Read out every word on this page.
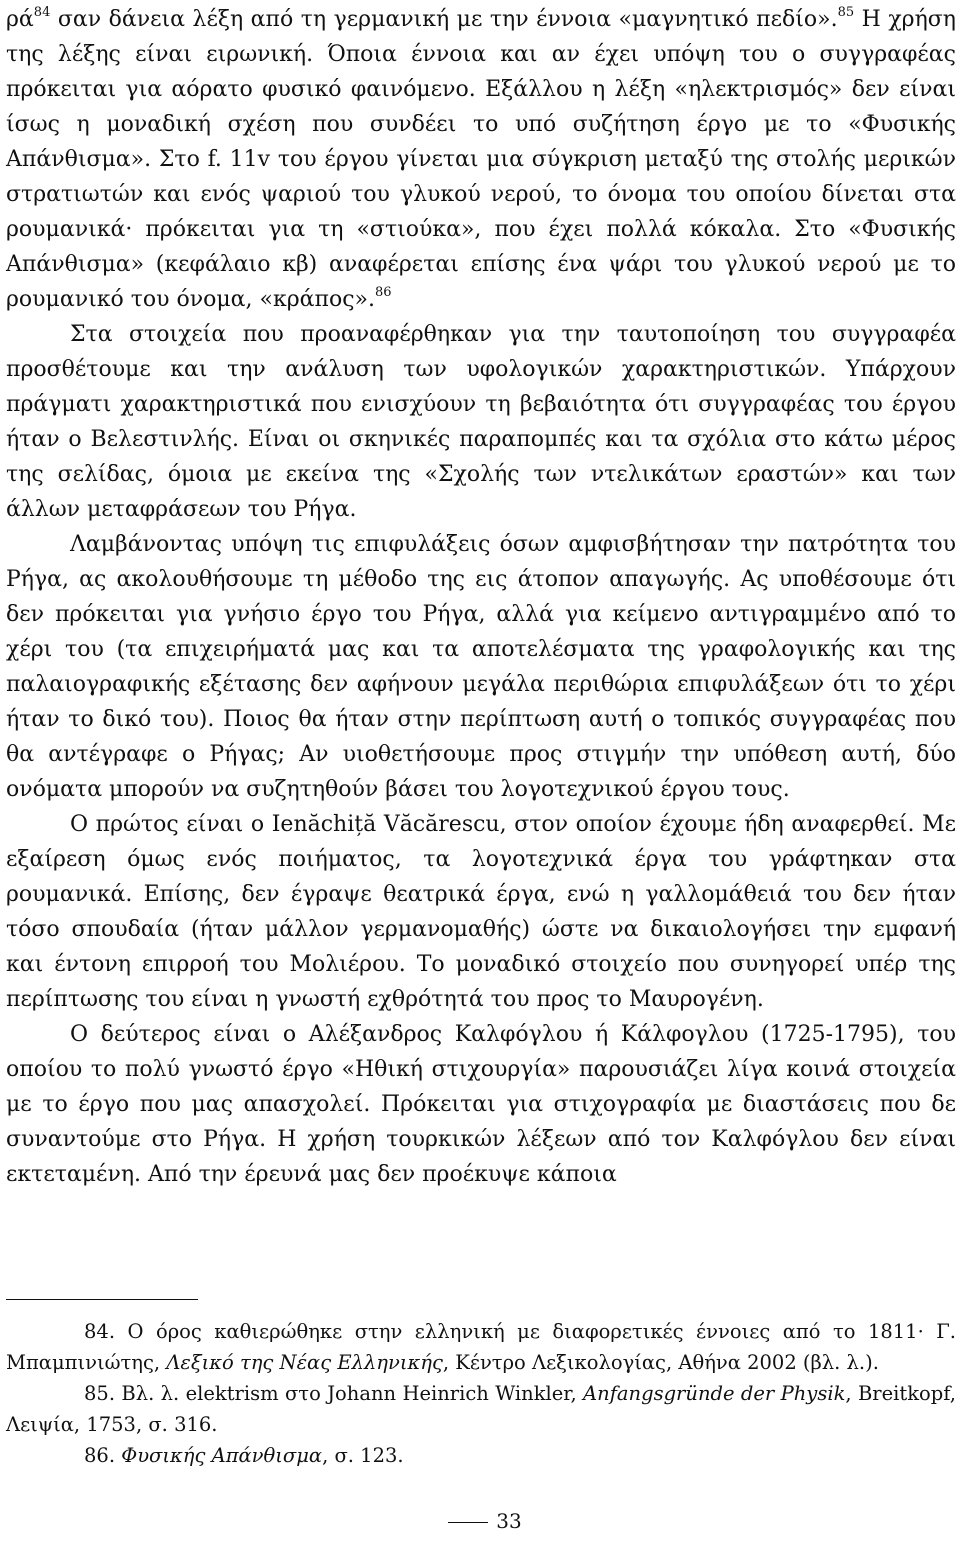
$\rho ά^{84}$ σαν δάνεια λέξη από τη γερμανική με την έννοια «μαγνητικό πεδίο».$^{85}$ Η χρήση της λέξης είναι ειρωνική. Όποια έννοια και αν έχει υπόψη του ο συγγραφέας πρόκειται για αόρατο φυσικό φαινόμενο. Εξάλλου η λέξη «ηλεκτρισμός» δεν είναι ίσως η μοναδική σχέση που συνδέει το υπό συζήτηση έργο με το «Φυσικής Απάνθισμα». Στο f. 11v του έργου γίνεται μια σύγκριση μεταξύ της στολής μερικών στρατιωτών και ενός ψαριού του γλυκού νερού, το όνομα του οποίου δίνεται στα ρουμανικά· πρόκειται για τη «στιούκα», που έχει πολλά κόκαλα. Στο «Φυσικής Απάνθισμα» (κεφάλαιο κβ) αναφέρεται επίσης ένα ψάρι του γλυκού νερού με το ρουμανικό του όνομα, «κράπος».$^{86}$

Στα στοιχεία που προαναφέρθηκαν για την ταυτοποίηση του συγγραφέα προσθέτουμε και την ανάλυση των υφολογικών χαρακτηριστικών. Υπάρχουν πράγματι χαρακτηριστικά που ενισχύουν τη βεβαιότητα ότι συγγραφέας του έργου ήταν ο Βελεστινλής. Είναι οι σκηνικές παραπομπές και τα σχόλια στο κάτω μέρος της σελίδας, όμοια με εκείνα της «Σχολής των ντελικάτων εραστών» και των άλλων μεταφράσεων του Ρήγα.

Λαμβάνοντας υπόψη τις επιφυλάξεις όσων αμφισβήτησαν την πατρότητα του Ρήγα, ας ακολουθήσουμε τη μέθοδο της εις άτοπον απαγωγής. Ας υποθέσουμε ότι δεν πρόκειται για γνήσιο έργο του Ρήγα, αλλά για κείμενο αντιγραμμένο από το χέρι του (τα επιχειρήματά μας και τα αποτελέσματα της γραφολογικής και της παλαιογραφικής εξέτασης δεν αφήνουν μεγάλα περιθώρια επιφυλάξεων ότι το χέρι ήταν το δικό του). Ποιος θα ήταν στην περίπτωση αυτή ο τοπικός συγγραφέας που θα αντέγραφε ο Ρήγας; Αν υιοθετήσουμε προς στιγμήν την υπόθεση αυτή, δύο ονόματα μπορούν να συζητηθούν βάσει του λογοτεχνικού έργου τους.

Ο πρώτος είναι ο Ienăchiță Văcărescu, στον οποίον έχουμε ήδη αναφερθεί. Με εξαίρεση όμως ενός ποιήματος, τα λογοτεχνικά έργα του γράφτηκαν στα ρουμανικά. Επίσης, δεν έγραψε θεατρικά έργα, ενώ η γαλλομάθειά του δεν ήταν τόσο σπουδαία (ήταν μάλλον γερμανομαθής) ώστε να δικαιολογήσει την εμφανή και έντονη επιρροή του Μολιέρου. Το μοναδικό στοιχείο που συνηγορεί υπέρ της περίπτωσης του είναι η γνωστή εχθρότητά του προς το Μαυρογένη.

Ο δεύτερος είναι ο Αλέξανδρος Καλφόγλου ή Κάλφογλου (1725-1795), του οποίου το πολύ γνωστό έργο «Ηθική στιχουργία» παρουσιάζει λίγα κοινά στοιχεία με το έργο που μας απασχολεί. Πρόκειται για στιχογραφία με διαστάσεις που δε συναντούμε στο Ρήγα. Η χρήση τουρκικών λέξεων από τον Καλφόγλου δεν είναι εκτεταμένη. Από την έρευνά μας δεν προέκυψε κάποια

84. Ο όρος καθιερώθηκε στην ελληνική με διαφορετικές έννοιες από το 1811· Γ. Μπαμπινιώτης, Λεξικό της Νέας Ελληνικής, Κέντρο Λεξικολογίας, Αθήνα 2002 (βλ. λ.).

85. Βλ. λ. elektrism στο Johann Heinrich Winkler, Anfangsgründe der Physik, Breitkopf, Λειψία, 1753, σ. 316.

86. Φυσικής Απάνθισμα, σ. 123.

33
